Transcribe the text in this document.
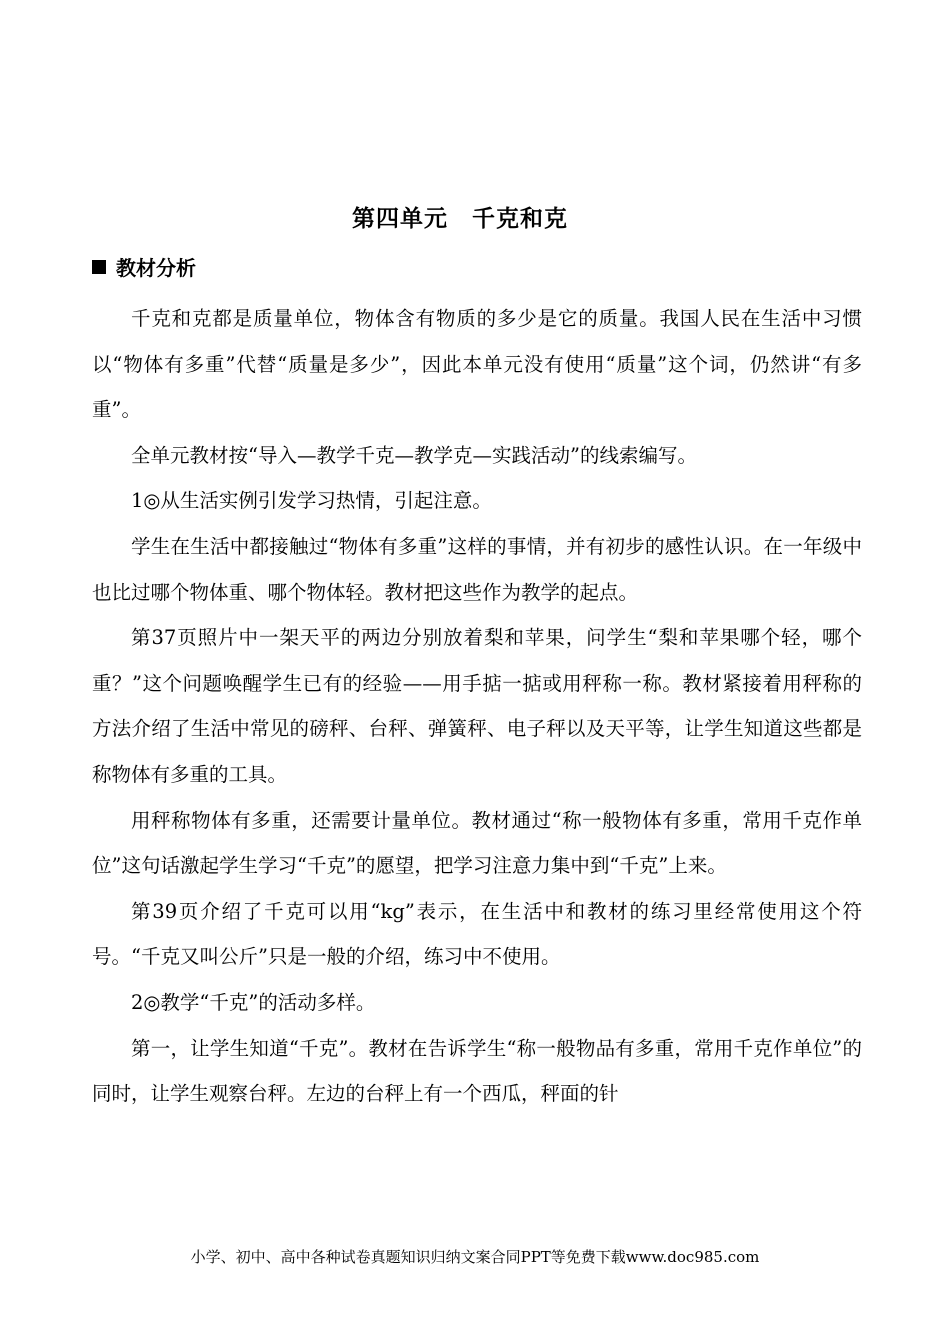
第四单元　千克和克
教材分析

千克和克都是质量单位，物体含有物质的多少是它的质量。我国人民在生活中习惯以“物体有多重”代替“质量是多少”，因此本单元没有使用“质量”这个词，仍然讲“有多重”。

全单元教材按“导入—教学千克—教学克—实践活动”的线索编写。

1◎从生活实例引发学习热情，引起注意。

学生在生活中都接触过“物体有多重”这样的事情，并有初步的感性认识。在一年级中也比过哪个物体重、哪个物体轻。教材把这些作为教学的起点。

第37页照片中一架天平的两边分别放着梨和苹果，问学生“梨和苹果哪个轻，哪个重？”这个问题唤醒学生已有的经验——用手掂一掂或用秤称一称。教材紧接着用秤称的方法介绍了生活中常见的磅秤、台秤、弹簧秤、电子秤以及天平等，让学生知道这些都是称物体有多重的工具。

用秤称物体有多重，还需要计量单位。教材通过“称一般物体有多重，常用千克作单位”这句话激起学生学习“千克”的愿望，把学习注意力集中到“千克”上来。

第39页介绍了千克可以用“kg”表示，在生活中和教材的练习里经常使用这个符号。“千克又叫公斤”只是一般的介绍，练习中不使用。

2◎教学“千克”的活动多样。

第一，让学生知道“千克”。教材在告诉学生“称一般物品有多重，常用千克作单位”的同时，让学生观察台秤。左边的台秤上有一个西瓜，秤面的针

小学、初中、高中各种试卷真题知识归纳文案合同PPT等免费下载www.doc985.com
